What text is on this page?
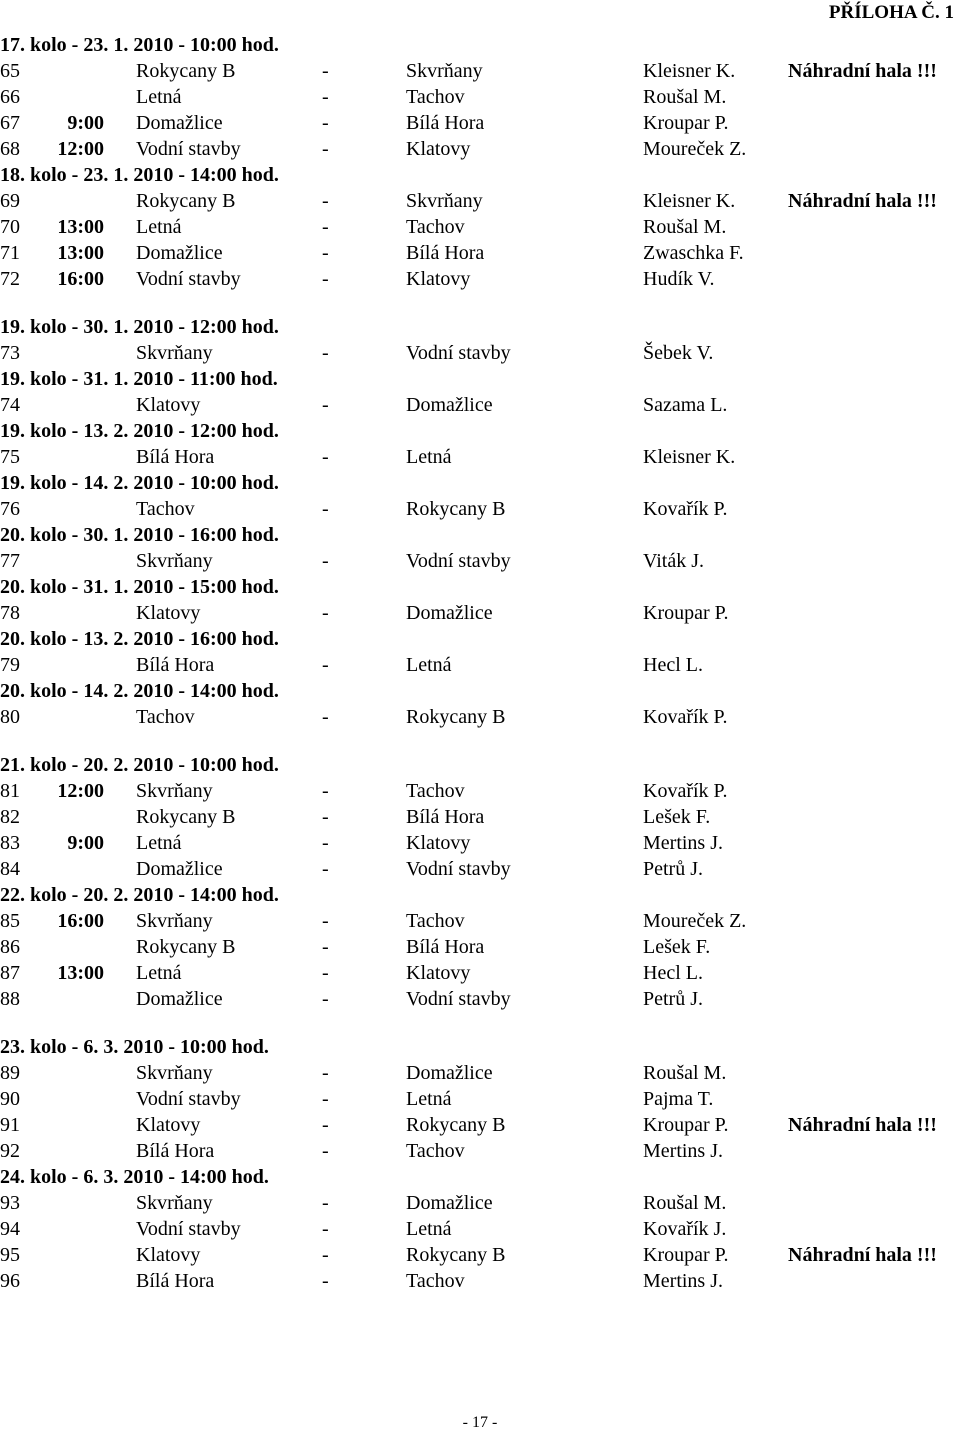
PŘÍLOHA Č. 1
17. kolo - 23. 1. 2010 - 10:00 hod.
65	Rokycany B	-	Skvrňany	Kleisner K.	Náhradní hala !!!
66	Letná	-	Tachov	Roušal M.
67	9:00 Domažlice	-	Bílá Hora	Kroupar P.
68	12:00 Vodní stavby	-	Klatovy	Moureček Z.
18. kolo - 23. 1. 2010 - 14:00 hod.
69	Rokycany B	-	Skvrňany	Kleisner K.	Náhradní hala !!!
70	13:00 Letná	-	Tachov	Roušal M.
71	13:00 Domažlice	-	Bílá Hora	Zwaschka F.
72	16:00 Vodní stavby	-	Klatovy	Hudík V.
19. kolo - 30. 1. 2010 - 12:00 hod.
73	Skvrňany	-	Vodní stavby	Šebek V.
19. kolo - 31. 1. 2010 - 11:00 hod.
74	Klatovy	-	Domažlice	Sazama L.
19. kolo - 13. 2. 2010 - 12:00 hod.
75	Bílá Hora	-	Letná	Kleisner K.
19. kolo - 14. 2. 2010 - 10:00 hod.
76	Tachov	-	Rokycany B	Kovařík P.
20. kolo - 30. 1. 2010 - 16:00 hod.
77	Skvrňany	-	Vodní stavby	Viták J.
20. kolo - 31. 1. 2010 - 15:00 hod.
78	Klatovy	-	Domažlice	Kroupar P.
20. kolo - 13. 2. 2010 - 16:00 hod.
79	Bílá Hora	-	Letná	Hecl L.
20. kolo - 14. 2. 2010 - 14:00 hod.
80	Tachov	-	Rokycany B	Kovařík P.
21. kolo - 20. 2. 2010 - 10:00 hod.
81	12:00 Skvrňany	-	Tachov	Kovařík P.
82	Rokycany B	-	Bílá Hora	Lešek F.
83	9:00 Letná	-	Klatovy	Mertins J.
84	Domažlice	-	Vodní stavby	Petrů J.
22. kolo - 20. 2. 2010 - 14:00 hod.
85	16:00 Skvrňany	-	Tachov	Moureček Z.
86	Rokycany B	-	Bílá Hora	Lešek F.
87	13:00 Letná	-	Klatovy	Hecl L.
88	Domažlice	-	Vodní stavby	Petrů J.
23. kolo - 6. 3. 2010 - 10:00 hod.
89	Skvrňany	-	Domažlice	Roušal M.
90	Vodní stavby	-	Letná	Pajma T.
91	Klatovy	-	Rokycany B	Kroupar P.	Náhradní hala !!!
92	Bílá Hora	-	Tachov	Mertins J.
24. kolo - 6. 3. 2010 - 14:00 hod.
93	Skvrňany	-	Domažlice	Roušal M.
94	Vodní stavby	-	Letná	Kovařík J.
95	Klatovy	-	Rokycany B	Kroupar P.	Náhradní hala !!!
96	Bílá Hora	-	Tachov	Mertins J.
- 17 -
